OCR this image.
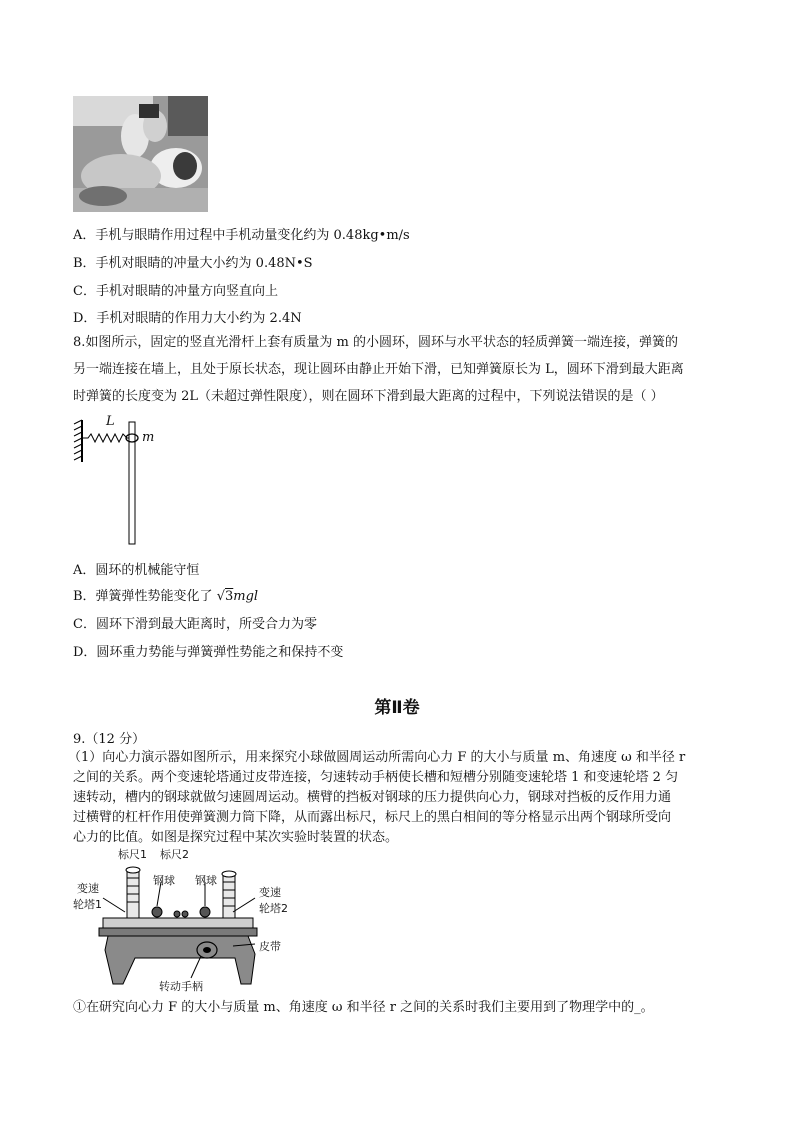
A．手机与眼睛作用过程中手机动量变化约为 0.48kg•m/s
B．手机对眼睛的冲量大小约为 0.48N•S
C．手机对眼睛的冲量方向竖直向上
D．手机对眼睛的作用力大小约为 2.4N
8.如图所示，固定的竖直光滑杆上套有质量为 m 的小圆环，圆环与水平状态的轻质弹簧一端连接，弹簧的
另一端连接在墙上，且处于原长状态，现让圆环由静止开始下滑，已知弹簧原长为 L，圆环下滑到最大距离
时弹簧的长度变为 2L（未超过弹性限度），则在圆环下滑到最大距离的过程中，下列说法错误的是（ ）
L
m
A．圆环的机械能守恒
B．弹簧弹性势能变化了 √3mgl
C．圆环下滑到最大距离时，所受合力为零
D．圆环重力势能与弹簧弹性势能之和保持不变
第Ⅱ卷
9.（12 分）
（1）向心力演示器如图所示，用来探究小球做圆周运动所需向心力 F 的大小与质量 m、角速度 ω 和半径 r
之间的关系。两个变速轮塔通过皮带连接，匀速转动手柄使长槽和短槽分别随变速轮塔 1 和变速轮塔 2 匀
速转动，槽内的钢球就做匀速圆周运动。横臂的挡板对钢球的压力提供向心力，钢球对挡板的反作用力通
过横臂的杠杆作用使弹簧测力筒下降，从而露出标尺，标尺上的黑白相间的等分格显示出两个钢球所受向
心力的比值。如图是探究过程中某次实验时装置的状态。
标尺1 标尺2
钢球 钢球
变速
轮塔1
变速
轮塔2
皮带
转动手柄
①在研究向心力 F 的大小与质量 m、角速度 ω 和半径 r 之间的关系时我们主要用到了物理学中的_。
